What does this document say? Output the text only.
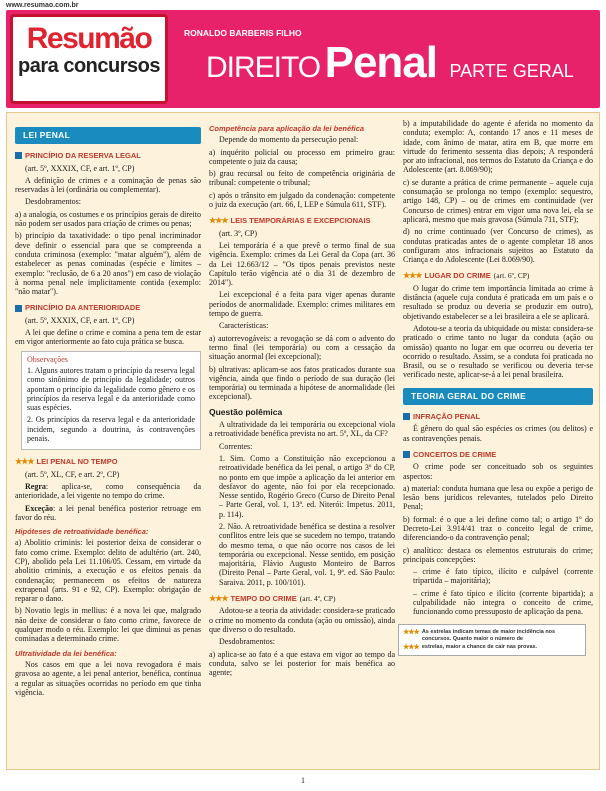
www.resumao.com.br
Resumão
para concursos
RONALDO BARBERIS FILHO
DIREITO Penal PARTE GERAL
LEI PENAL
PRINCÍPIO DA RESERVA LEGAL
(art. 5º, XXXIX, CF, e art. 1º, CP)
A definição de crimes e a cominação de penas são reservadas à lei (ordinária ou complementar).
Desdobramentos:
a) a analogia, os costumes e os princípios gerais de direito não podem ser usados para criação de crimes ou penas;
b) princípio da taxatividade: o tipo penal incriminador deve definir o essencial para que se compreenda a conduta criminosa (exemplo: "matar alguém"), além de estabelecer as penas cominadas (espécie e limites – exemplo: "reclusão, de 6 a 20 anos") em caso de violação à norma penal nele implicitamente contida (exemplo: "não matar").
PRINCÍPIO DA ANTERIORIDADE
(art. 5º, XXXIX, CF, e art. 1º, CP)
A lei que define o crime e comina a pena tem de estar em vigor anteriormente ao fato cuja prática se busca.
Observações
1. Alguns autores tratam o princípio da reserva legal como sinônimo de princípio da legalidade; outros apontam o princípio da legalidade como gênero e os princípios da reserva legal e da anterioridade como suas espécies.
2. Os princípios da reserva legal e da anterioridade incidem, segundo a doutrina, às contravenções penais.
★★★ LEI PENAL NO TEMPO
(art. 5º, XL, CF, e art. 2º, CP)
Regra: aplica-se, como consequência da anterioridade, a lei vigente no tempo do crime.
Exceção: a lei penal benéfica posterior retroage em favor do réu.
Hipóteses de retroatividade benéfica:
a) Abolitio criminis: lei posterior deixa de considerar o fato como crime. Exemplo: delito de adultério (art. 240, CP), abolido pela Lei 11.106/05. Cessam, em virtude da abolitio criminis, a execução e os efeitos penais da condenação; permanecem os efeitos de natureza extrapenal (arts. 91 e 92, CP). Exemplo: obrigação de reparar o dano.
b) Novatio legis in mellius: é a nova lei que, malgrado não deixe de considerar o fato como crime, favorece de qualquer modo o réu. Exemplo: lei que diminui as penas cominadas a determinado crime.
Ultratividade da lei benéfica:
Nos casos em que a lei nova revogadora é mais gravosa ao agente, a lei penal anterior, benéfica, continua a regular as situações ocorridas no período em que tinha vigência.
Competência para aplicação da lei benéfica
Depende do momento da persecução penal:
a) inquérito policial ou processo em primeiro grau: competente o juiz da causa;
b) grau recursal ou feito de competência originária de tribunal: competente o tribunal;
c) após o trânsito em julgado da condenação: competente o juiz da execução (art. 66, I, LEP e Súmula 611, STF).
★★★ LEIS TEMPORÁRIAS E EXCEPCIONAIS
(art. 3º, CP)
Lei temporária é a que prevê o termo final de sua vigência. Exemplo: crimes da Lei Geral da Copa (art. 36 da Lei 12.663/12 – "Os tipos penais previstos neste Capítulo terão vigência até o dia 31 de dezembro de 2014").
Lei excepcional é a feita para viger apenas durante períodos de anormalidade. Exemplo: crimes militares em tempo de guerra.
Características:
a) autorrevogáveis: a revogação se dá com o advento do termo final (lei temporária) ou com a cessação da situação anormal (lei excepcional);
b) ultrativas: aplicam-se aos fatos praticados durante sua vigência, ainda que findo o período de sua duração (lei temporária) ou terminada a hipótese de anormalidade (lei excepcional).
Questão polêmica
A ultratividade da lei temporária ou excepcional viola a retroatividade benéfica prevista no art. 5º, XL, da CF?
Correntes:
1. Sim. Como a Constituição não excepcionou a retroatividade benéfica da lei penal, o artigo 3º do CP, no ponto em que impõe a aplicação da lei anterior em desfavor do agente, não foi por ela recepcionado. Nesse sentido, Rogério Greco (Curso de Direito Penal – Parte Geral, vol. 1, 13ª. ed. Niterói: Impetus. 2011, p. 114).
2. Não. A retroatividade benéfica se destina a resolver conflitos entre leis que se sucedem no tempo, tratando do mesmo tema, o que não ocorre nos casos de lei temporária ou excepcional. Nesse sentido, em posição majoritária, Flávio Augusto Monteiro de Barros (Direito Penal – Parte Geral, vol. 1, 9ª. ed. São Paulo: Saraiva. 2011, p. 100/101).
★★★ TEMPO DO CRIME (art. 4º, CP)
Adotou-se a teoria da atividade: considera-se praticado o crime no momento da conduta (ação ou omissão), ainda que diverso o do resultado.
Desdobramentos:
a) aplica-se ao fato é a que estava em vigor ao tempo da conduta, salvo se lei posterior for mais benéfica ao agente;
b) a imputabilidade do agente é aferida no momento da conduta; exemplo: A, contando 17 anos e 11 meses de idade, com ânimo de matar, atira em B, que morre em virtude do ferimento sessenta dias depois; A responderá por ato infracional, nos termos do Estatuto da Criança e do Adolescente (art. 8.069/90);
c) se durante a prática de crime permanente – aquele cuja consumação se prolonga no tempo (exemplo: sequestro, artigo 148, CP) – ou de crimes em continuidade (ver Concurso de crimes) entrar em vigor uma nova lei, ela se aplicará, mesmo que mais gravosa (Súmula 711, STF);
d) no crime continuado (ver Concurso de crimes), as condutas praticadas antes de o agente completar 18 anos configuram atos infracionais sujeitos ao Estatuto da Criança e do Adolescente (Lei 8.069/90).
★★★ LUGAR DO CRIME (art. 6º, CP)
O lugar do crime tem importância limitada ao crime à distância (aquele cuja conduta é praticada em um país e o resultado se produz ou deveria se produzir em outro), objetivando estabelecer se a lei brasileira a ele se aplicará.
Adotou-se a teoria da ubiquidade ou mista: considera-se praticado o crime tanto no lugar da conduta (ação ou omissão) quanto no lugar em que ocorreu ou deveria ter ocorrido o resultado. Assim, se a conduta foi praticada no Brasil, ou se o resultado se verificou ou deveria ter-se verificado neste, aplicar-se-á a lei penal brasileira.
TEORIA GERAL DO CRIME
INFRAÇÃO PENAL
É gênero do qual são espécies os crimes (ou delitos) e as contravenções penais.
CONCEITOS DE CRIME
O crime pode ser conceituado sob os seguintes aspectos:
a) material: conduta humana que lesa ou expõe a perigo de lesão bens jurídicos relevantes, tutelados pelo Direito Penal;
b) formal: é o que a lei define como tal; o artigo 1º do Decreto-Lei 3.914/41 traz o conceito legal de crime, diferenciando-o da contravenção penal;
c) analítico: destaca os elementos estruturais do crime; principais concepções:
– crime é fato típico, ilícito e culpável (corrente tripartida – majoritária);
– crime é fato típico e ilícito (corrente bipartida); a culpabilidade não integra o conceito de crime, funcionando como pressuposto de aplicação da pena.
★★★ As estrelas indicam temas de maior incidência nos concursos. Quanto maior o número de
★★★ estrelas, maior a chance de cair nas provas.
1
